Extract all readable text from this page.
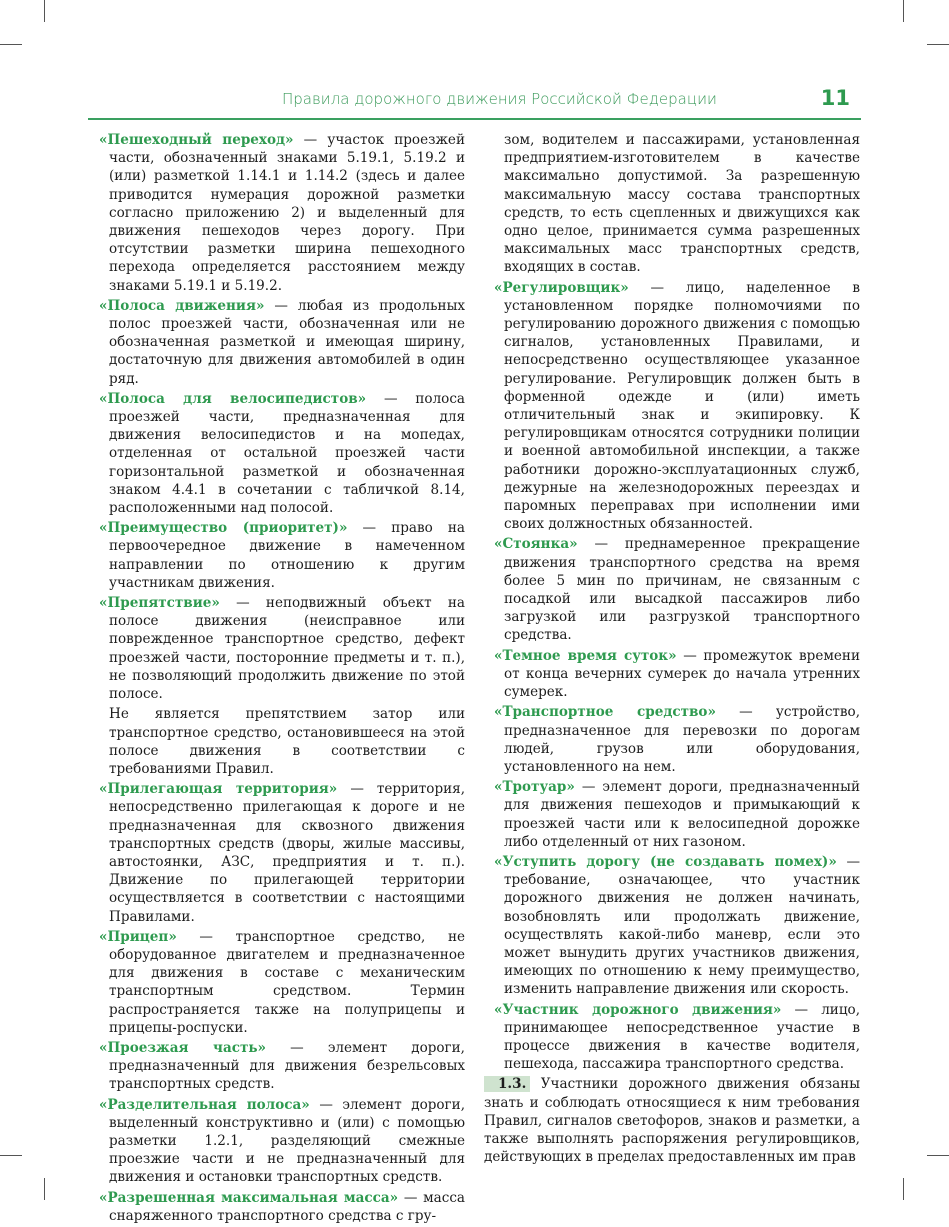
Правила дорожного движения Российской Федерации	11

«Пешеходный переход» — участок проезжей части, обозначенный знаками 5.19.1, 5.19.2 и (или) разметкой 1.14.1 и 1.14.2 (здесь и далее приводится нумерация дорожной разметки согласно приложению 2) и выделенный для движения пешеходов через дорогу. При отсутствии разметки ширина пешеходного перехода определяется расстоянием между знаками 5.19.1 и 5.19.2.

«Полоса движения» — любая из продольных полос проезжей части, обозначенная или не обозначенная разметкой и имеющая ширину, достаточную для движения автомобилей в один ряд.

«Полоса для велосипедистов» — полоса проезжей части, предназначенная для движения велосипедистов и на мопедах, отделенная от остальной проезжей части горизонтальной разметкой и обозначенная знаком 4.4.1 в сочетании с табличкой 8.14, расположенными над полосой.

«Преимущество (приоритет)» — право на первоочередное движение в намеченном направлении по отношению к другим участникам движения.

«Препятствие» — неподвижный объект на полосе движения (неисправное или поврежденное транспортное средство, дефект проезжей части, посторонние предметы и т. п.), не позволяющий продолжить движение по этой полосе.

Не является препятствием затор или транспортное средство, остановившееся на этой полосе движения в соответствии с требованиями Правил.

«Прилегающая территория» — территория, непосредственно прилегающая к дороге и не предназначенная для сквозного движения транспортных средств (дворы, жилые массивы, автостоянки, АЗС, предприятия и т. п.). Движение по прилегающей территории осуществляется в соответствии с настоящими Правилами.

«Прицеп» — транспортное средство, не оборудованное двигателем и предназначенное для движения в составе с механическим транспортным средством. Термин распространяется также на полуприцепы и прицепы-роспуски.

«Проезжая часть» — элемент дороги, предназначенный для движения безрельсовых транспортных средств.

«Разделительная полоса» — элемент дороги, выделенный конструктивно и (или) с помощью разметки 1.2.1, разделяющий смежные проезжие части и не предназначенный для движения и остановки транспортных средств.

«Разрешенная максимальная масса» — масса снаряженного транспортного средства с гру-

зом, водителем и пассажирами, установленная предприятием-изготовителем в качестве максимально допустимой. За разрешенную максимальную массу состава транспортных средств, то есть сцепленных и движущихся как одно целое, принимается сумма разрешенных максимальных масс транспортных средств, входящих в состав.

«Регулировщик» — лицо, наделенное в установленном порядке полномочиями по регулированию дорожного движения с помощью сигналов, установленных Правилами, и непосредственно осуществляющее указанное регулирование. Регулировщик должен быть в форменной одежде и (или) иметь отличительный знак и экипировку. К регулировщикам относятся сотрудники полиции и военной автомобильной инспекции, а также работники дорожно-эксплуатационных служб, дежурные на железнодорожных переездах и паромных переправах при исполнении ими своих должностных обязанностей.

«Стоянка» — преднамеренное прекращение движения транспортного средства на время более 5 мин по причинам, не связанным с посадкой или высадкой пассажиров либо загрузкой или разгрузкой транспортного средства.

«Темное время суток» — промежуток времени от конца вечерних сумерек до начала утренних сумерек.

«Транспортное средство» — устройство, предназначенное для перевозки по дорогам людей, грузов или оборудования, установленного на нем.

«Тротуар» — элемент дороги, предназначенный для движения пешеходов и примыкающий к проезжей части или к велосипедной дорожке либо отделенный от них газоном.

«Уступить дорогу (не создавать помех)» — требование, означающее, что участник дорожного движения не должен начинать, возобновлять или продолжать движение, осуществлять какой-либо маневр, если это может вынудить других участников движения, имеющих по отношению к нему преимущество, изменить направление движения или скорость.

«Участник дорожного движения» — лицо, принимающее непосредственное участие в процессе движения в качестве водителя, пешехода, пассажира транспортного средства.

1.3. Участники дорожного движения обязаны знать и соблюдать относящиеся к ним требования Правил, сигналов светофоров, знаков и разметки, а также выполнять распоряжения регулировщиков, действующих в пределах предоставленных им прав
